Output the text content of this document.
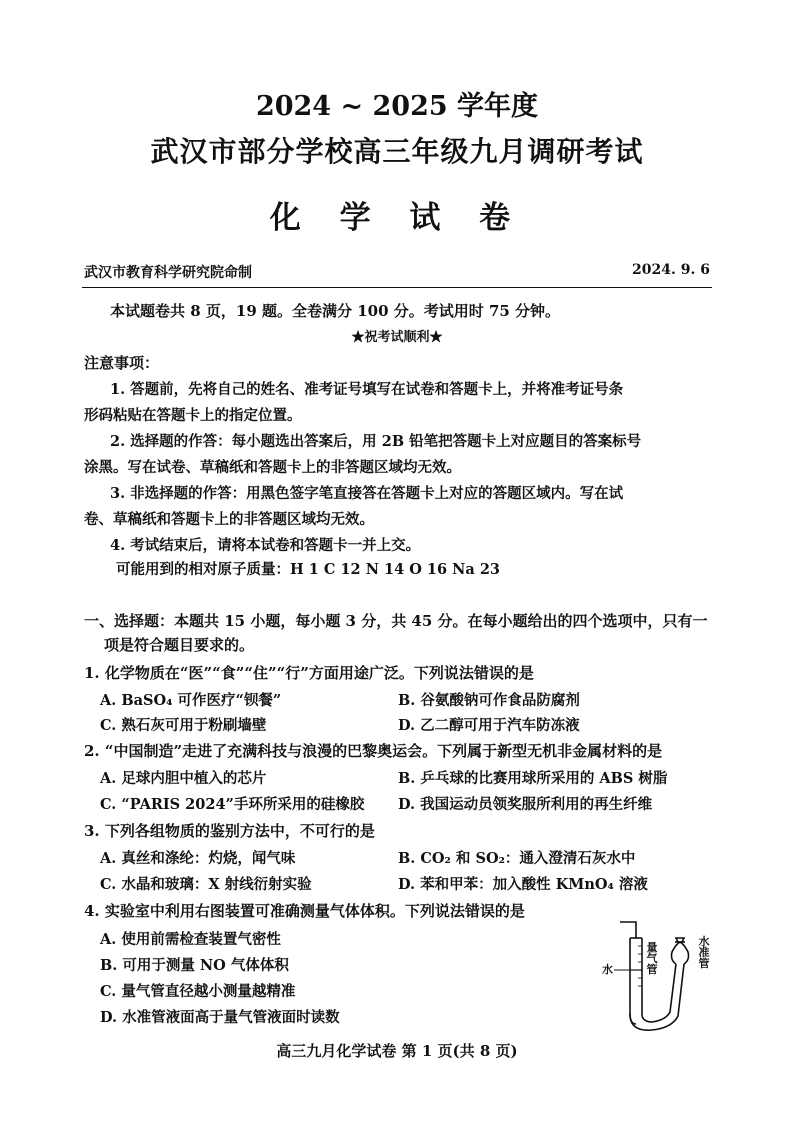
2024 ~ 2025 学年度
武汉市部分学校高三年级九月调研考试
化 学 试 卷
武汉市教育科学研究院命制	2024. 9. 6
本试题卷共 8 页，19 题。全卷满分 100 分。考试用时 75 分钟。
★祝考试顺利★
注意事项：
1. 答题前，先将自己的姓名、准考证号填写在试卷和答题卡上，并将准考证号条
形码粘贴在答题卡上的指定位置。
2. 选择题的作答：每小题选出答案后，用 2B 铅笔把答题卡上对应题目的答案标号
涂黑。写在试卷、草稿纸和答题卡上的非答题区域均无效。
3. 非选择题的作答：用黑色签字笔直接答在答题卡上对应的答题区域内。写在试
卷、草稿纸和答题卡上的非答题区域均无效。
4. 考试结束后，请将本试卷和答题卡一并上交。
可能用到的相对原子质量：H 1 C 12 N 14 O 16 Na 23
一、选择题：本题共 15 小题，每小题 3 分，共 45 分。在每小题给出的四个选项中，只有一
项是符合题目要求的。
1. 化学物质在“医”“食”“住”“行”方面用途广泛。下列说法错误的是
A. BaSO₄ 可作医疗“钡餐”	B. 谷氨酸钠可作食品防腐剂
C. 熟石灰可用于粉刷墙壁	D. 乙二醇可用于汽车防冻液
2. “中国制造”走进了充满科技与浪漫的巴黎奥运会。下列属于新型无机非金属材料的是
A. 足球内胆中植入的芯片	B. 乒乓球的比赛用球所采用的 ABS 树脂
C. “PARIS 2024”手环所采用的硅橡胶 D. 我国运动员领奖服所利用的再生纤维
3. 下列各组物质的鉴别方法中，不可行的是
A. 真丝和涤纶：灼烧，闻气味	B. CO₂ 和 SO₂：通入澄清石灰水中
C. 水晶和玻璃：X 射线衍射实验	D. 苯和甲苯：加入酸性 KMnO₄ 溶液
4. 实验室中利用右图装置可准确测量气体体积。下列说法错误的是
A. 使用前需检查装置气密性
B. 可用于测量 NO 气体体积
C. 量气管直径越小测量越精准
D. 水准管液面高于量气管液面时读数
水
量气管
水准管
高三九月化学试卷 第 1 页(共 8 页)
